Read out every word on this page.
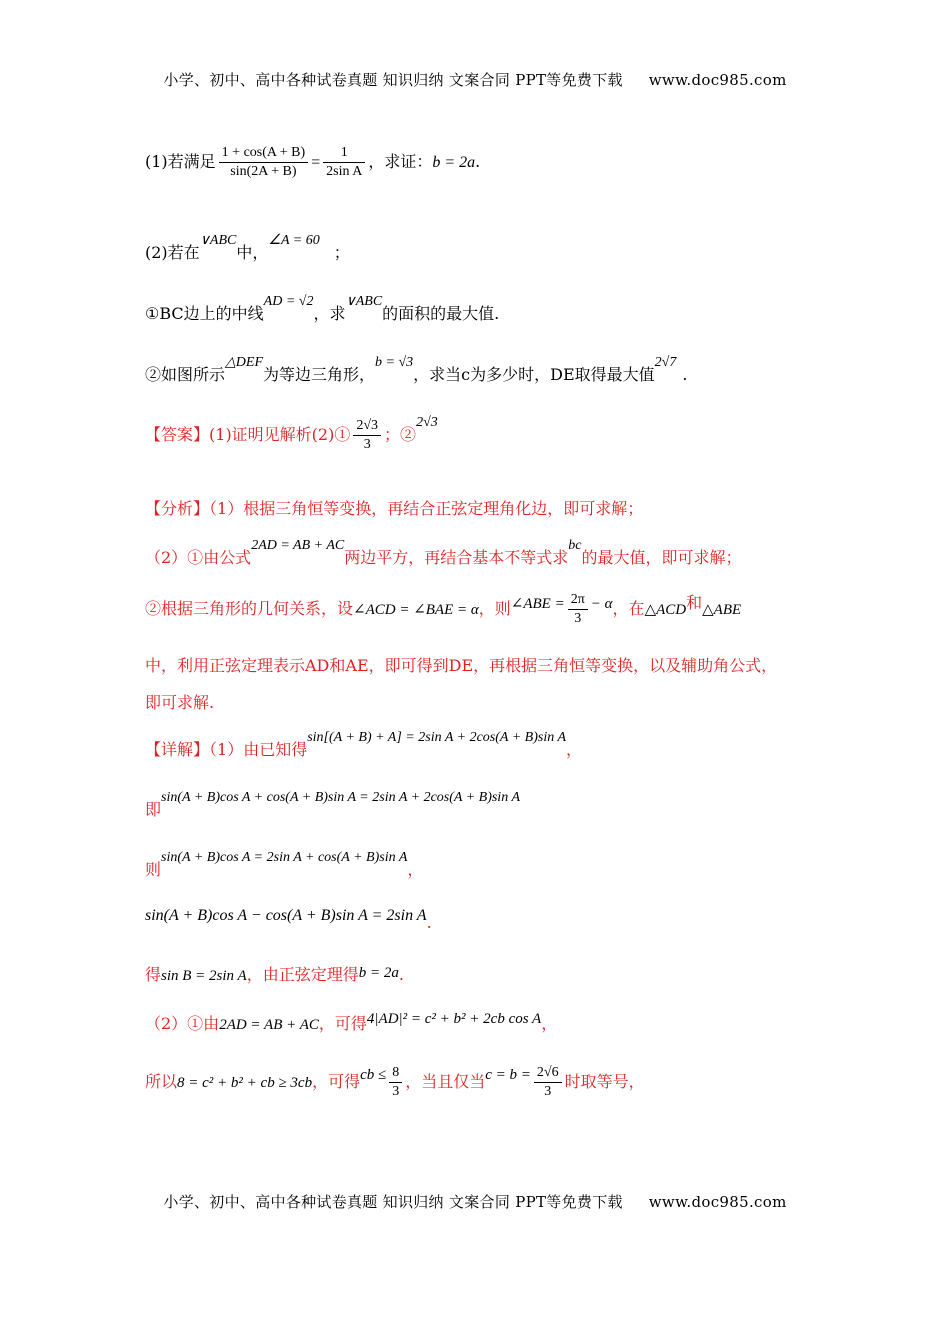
小学、初中、高中各种试卷真题 知识归纳 文案合同 PPT等免费下载 www.doc985.com
(1)若满足 $\frac{1 + \cos(A + B)}{\sin(2A + B)} = \frac{1}{\text{2sin A}}$ ，求证：b = 2a.
(2)若在∨ABC中，∠A = 60；
①BC边上的中线AD = √2，求∨ABC的面积的最大值.
②如图所示△DEF为等边三角形，b = √3，求当c为多少时，DE取得最大值2√7.
【答案】(1)证明见解析(2)① $\frac{2√3}{3}$ ；②2√3
【分析】（1）根据三角恒等变换，再结合正弦定理角化边，即可求解；
（2）①由公式2AD = AB + AC两边平方，再结合基本不等式求bc的最大值，即可求解；
②根据三角形的几何关系，设∠ACD = ∠BAE = α，则∠ABE = $\frac{2\pi}{3} - \alpha$，在△ACD和△ABE
中，利用正弦定理表示AD和AE，即可得到DE，再根据三角恒等变换，以及辅助角公式，
即可求解.
【详解】（1）由已知得sin[(A + B) + A] = 2sin A + 2cos(A + B)sin A，
即sin(A + B)cos A + cos(A + B)sin A = 2sin A + 2cos(A + B)sin A
则sin(A + B)cos A = 2sin A + cos(A + B)sin A，
sin(A + B)cos A − cos(A + B)sin A = 2sin A.
得sin B = 2sin A，由正弦定理得b = 2a.
（2）①由2AD = AB + AC，可得4|AD|² = c² + b² + 2cb cos A，
所以8 = c² + b² + cb ≥ 3cb，可得cb ≤ $\frac{8}{3}$ ，当且仅当$c = b = \frac{2√6}{3}$ 时取等号，
小学、初中、高中各种试卷真题 知识归纳 文案合同 PPT等免费下载 www.doc985.com
